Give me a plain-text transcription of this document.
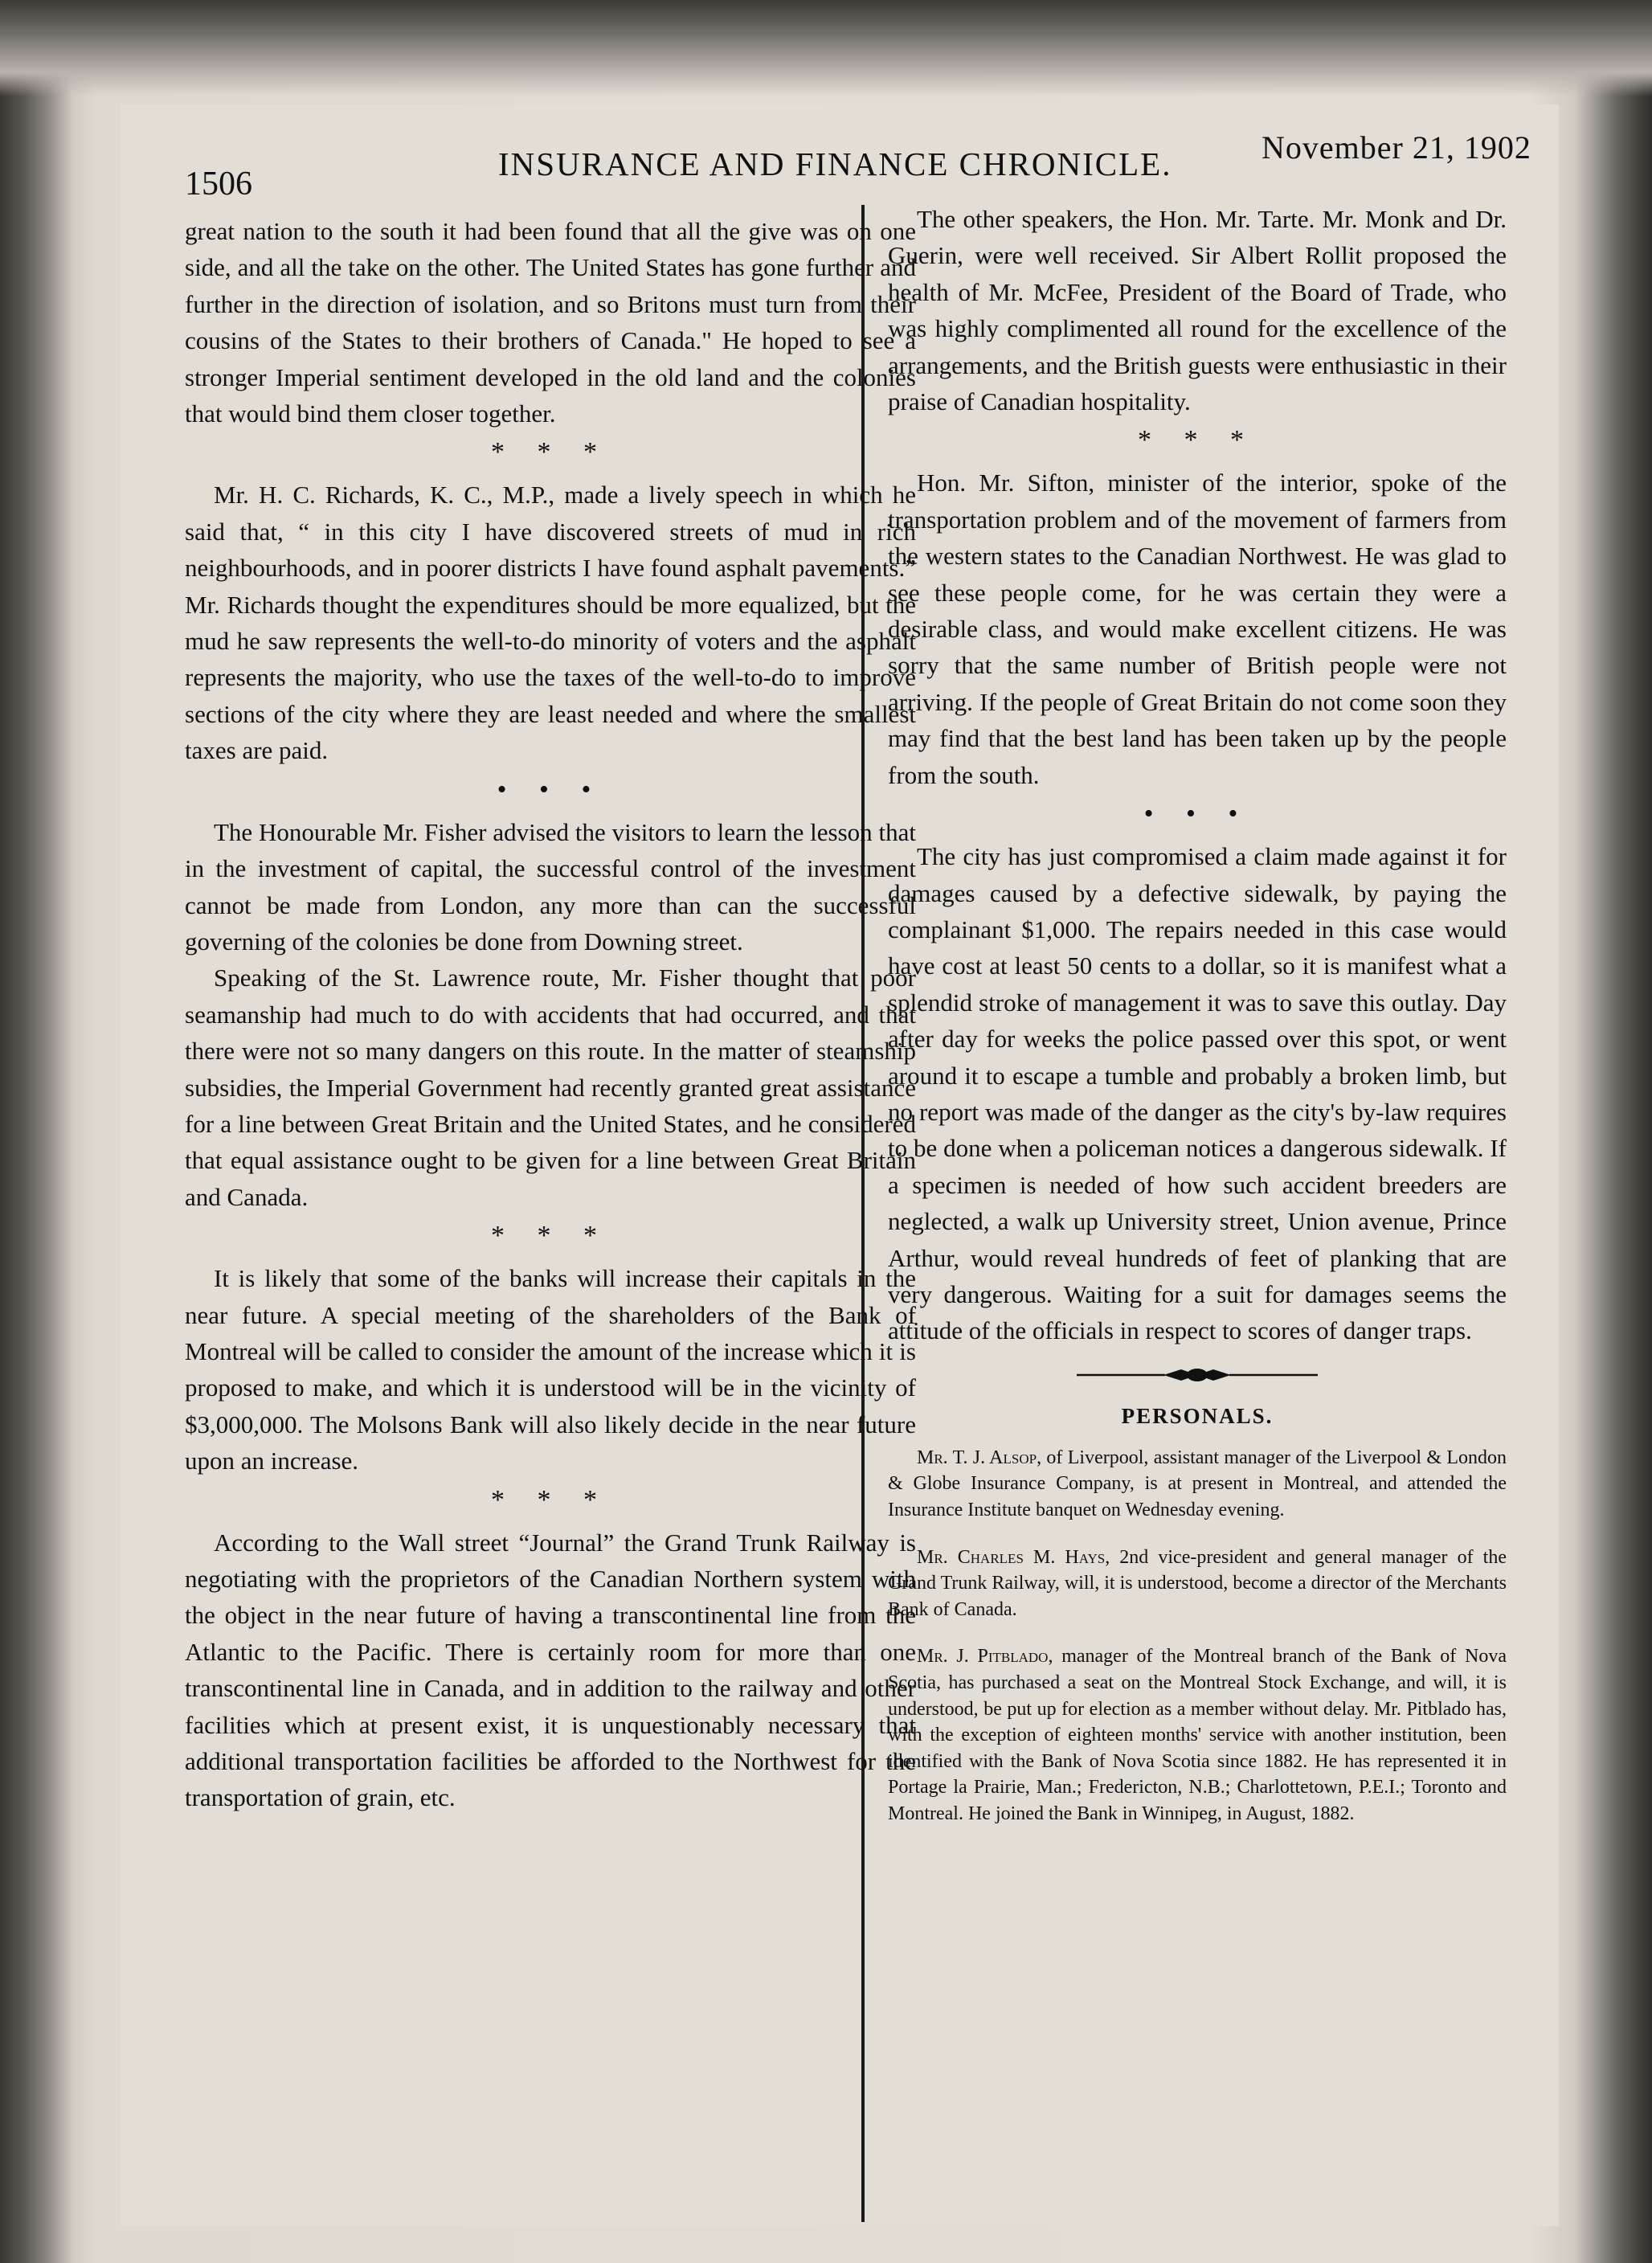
1506
INSURANCE AND FINANCE CHRONICLE.	November 21, 1902

great nation to the south it had been found that all the give was on one side, and all the take on the other. The United States has gone further and further in the direction of isolation, and so Britons must turn from their cousins of the States to their brothers of Canada." He hoped to see a stronger Imperial sentiment developed in the old land and the colonies that would bind them closer together.

* * *

Mr. H. C. Richards, K. C., M.P., made a lively speech in which he said that, “ in this city I have discovered streets of mud in rich neighbourhoods, and in poorer districts I have found asphalt pavements.” Mr. Richards thought the expenditures should be more equalized, but the mud he saw represents the well-to-do minority of voters and the asphalt represents the majority, who use the taxes of the well-to-do to improve sections of the city where they are least needed and where the smallest taxes are paid.

• • •

The Honourable Mr. Fisher advised the visitors to learn the lesson that in the investment of capital, the successful control of the investment cannot be made from London, any more than can the successful governing of the colonies be done from Downing street.

Speaking of the St. Lawrence route, Mr. Fisher thought that poor seamanship had much to do with accidents that had occurred, and that there were not so many dangers on this route. In the matter of steamship subsidies, the Imperial Government had recently granted great assistance for a line between Great Britain and the United States, and he considered that equal assistance ought to be given for a line between Great Britain and Canada.

* * *

It is likely that some of the banks will increase their capitals in the near future. A special meeting of the shareholders of the Bank of Montreal will be called to consider the amount of the increase which it is proposed to make, and which it is understood will be in the vicinity of $3,000,000. The Molsons Bank will also likely decide in the near future upon an increase.

* * *

According to the Wall street “Journal” the Grand Trunk Railway is negotiating with the proprietors of the Canadian Northern system with the object in the near future of having a transcontinental line from the Atlantic to the Pacific. There is certainly room for more than one transcontinental line in Canada, and in addition to the railway and other facilities which at present exist, it is unquestionably necessary that additional transportation facilities be afforded to the Northwest for the transportation of grain, etc.

The other speakers, the Hon. Mr. Tarte. Mr. Monk and Dr. Guerin, were well received. Sir Albert Rollit proposed the health of Mr. McFee, President of the Board of Trade, who was highly complimented all round for the excellence of the arrangements, and the British guests were enthusiastic in their praise of Canadian hospitality.

* * *

Hon. Mr. Sifton, minister of the interior, spoke of the transportation problem and of the movement of farmers from the western states to the Canadian Northwest. He was glad to see these people come, for he was certain they were a desirable class, and would make excellent citizens. He was sorry that the same number of British people were not arriving. If the people of Great Britain do not come soon they may find that the best land has been taken up by the people from the south.

• • •

The city has just compromised a claim made against it for damages caused by a defective sidewalk, by paying the complainant $1,000. The repairs needed in this case would have cost at least 50 cents to a dollar, so it is manifest what a splendid stroke of management it was to save this outlay. Day after day for weeks the police passed over this spot, or went around it to escape a tumble and probably a broken limb, but no report was made of the danger as the city's by-law requires to be done when a policeman notices a dangerous sidewalk. If a specimen is needed of how such accident breeders are neglected, a walk up University street, Union avenue, Prince Arthur, would reveal hundreds of feet of planking that are very dangerous. Waiting for a suit for damages seems the attitude of the officials in respect to scores of danger traps.

PERSONALS.

Mr. T. J. Alsop, of Liverpool, assistant manager of the Liverpool & London & Globe Insurance Company, is at present in Montreal, and attended the Insurance Institute banquet on Wednesday evening.

Mr. Charles M. Hays, 2nd vice-president and general manager of the Grand Trunk Railway, will, it is understood, become a director of the Merchants Bank of Canada.

Mr. J. Pitblado, manager of the Montreal branch of the Bank of Nova Scotia, has purchased a seat on the Montreal Stock Exchange, and will, it is understood, be put up for election as a member without delay. Mr. Pitblado has, with the exception of eighteen months' service with another institution, been identified with the Bank of Nova Scotia since 1882. He has represented it in Portage la Prairie, Man.; Fredericton, N.B.; Charlottetown, P.E.I.; Toronto and Montreal. He joined the Bank in Winnipeg, in August, 1882.
